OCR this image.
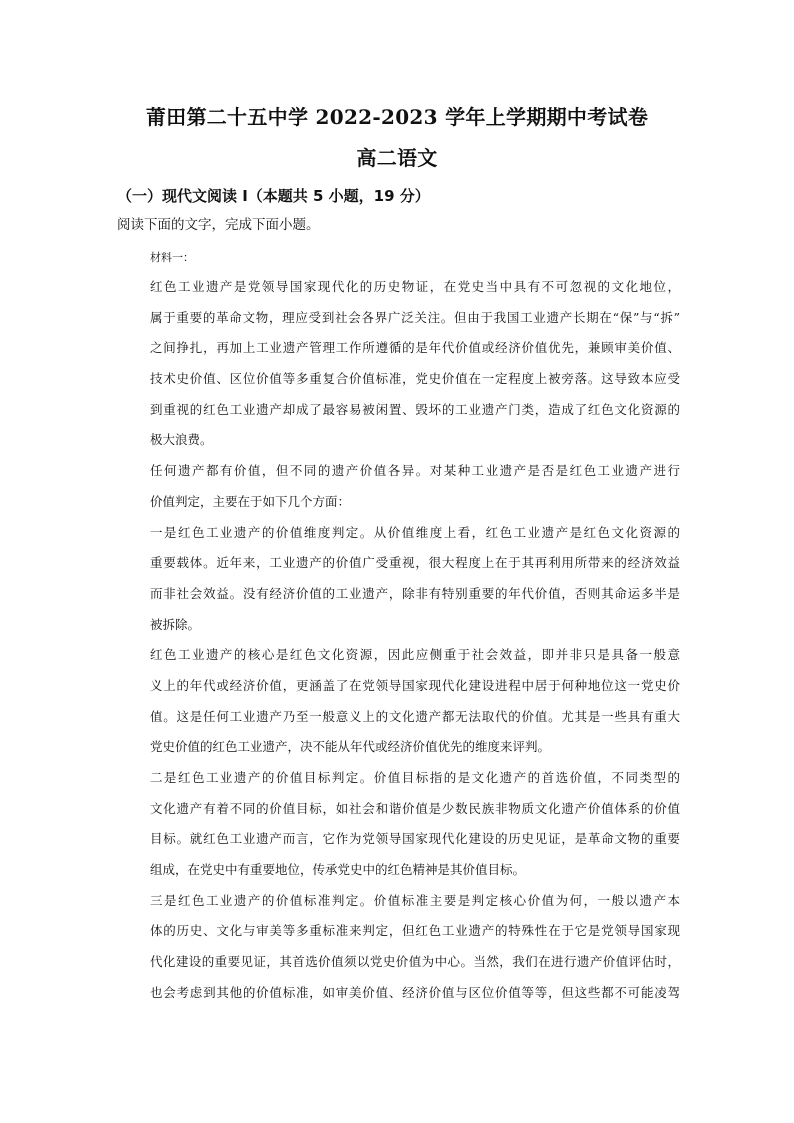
莆田第二十五中学 2022-2023 学年上学期期中考试卷
高二语文
（一）现代文阅读 I（本题共 5 小题，19 分）
阅读下面的文字，完成下面小题。
材料一：
红色工业遗产是党领导国家现代化的历史物证，在党史当中具有不可忽视的文化地位，
属于重要的革命文物，理应受到社会各界广泛关注。但由于我国工业遗产长期在“保”与“拆”
之间挣扎，再加上工业遗产管理工作所遵循的是年代价值或经济价值优先，兼顾审美价值、
技术史价值、区位价值等多重复合价值标准，党史价值在一定程度上被旁落。这导致本应受
到重视的红色工业遗产却成了最容易被闲置、毁坏的工业遗产门类，造成了红色文化资源的
极大浪费。
任何遗产都有价值，但不同的遗产价值各异。对某种工业遗产是否是红色工业遗产进行
价值判定，主要在于如下几个方面：
一是红色工业遗产的价值维度判定。从价值维度上看，红色工业遗产是红色文化资源的
重要载体。近年来，工业遗产的价值广受重视，很大程度上在于其再利用所带来的经济效益
而非社会效益。没有经济价值的工业遗产，除非有特别重要的年代价值，否则其命运多半是
被拆除。
红色工业遗产的核心是红色文化资源，因此应侧重于社会效益，即并非只是具备一般意
义上的年代或经济价值，更涵盖了在党领导国家现代化建设进程中居于何种地位这一党史价
值。这是任何工业遗产乃至一般意义上的文化遗产都无法取代的价值。尤其是一些具有重大
党史价值的红色工业遗产，决不能从年代或经济价值优先的维度来评判。
二是红色工业遗产的价值目标判定。价值目标指的是文化遗产的首选价值，不同类型的
文化遗产有着不同的价值目标，如社会和谐价值是少数民族非物质文化遗产价值体系的价值
目标。就红色工业遗产而言，它作为党领导国家现代化建设的历史见证，是革命文物的重要
组成，在党史中有重要地位，传承党史中的红色精神是其价值目标。
三是红色工业遗产的价值标准判定。价值标准主要是判定核心价值为何，一般以遗产本
体的历史、文化与审美等多重标准来判定，但红色工业遗产的特殊性在于它是党领导国家现
代化建设的重要见证，其首选价值须以党史价值为中心。当然，我们在进行遗产价值评估时，
也会考虑到其他的价值标准，如审美价值、经济价值与区位价值等等，但这些都不可能凌驾
